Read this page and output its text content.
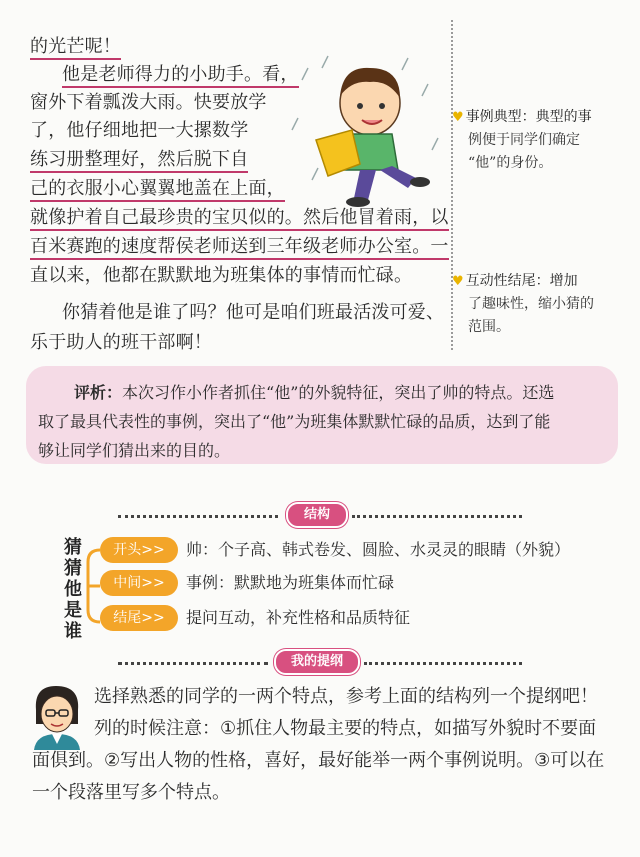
的光芒呢！
他是老师得力的小助手。看，
窗外下着瓢泼大雨。快要放学
了，他仔细地把一大摞数学
练习册整理好，然后脱下自
己的衣服小心翼翼地盖在上面，
就像护着自己最珍贵的宝贝似的。然后他冒着雨，以
百米赛跑的速度帮侯老师送到三年级老师办公室。一
直以来，他都在默默地为班集体的事情而忙碌。
你猜着他是谁了吗？他可是咱们班最活泼可爱、
乐于助人的班干部啊！
♥ 事例典型：典型的事
例便于同学们确定
“他”的身份。
♥ 互动性结尾：增加
了趣味性，缩小猜的
范围。
评析：本次习作小作者抓住“他”的外貌特征，突出了帅的特点。还选
取了最具代表性的事例，突出了“他”为班集体默默忙碌的品质，达到了能
够让同学们猜出来的目的。
结构
猜
猜
他
是
谁
开头>>	帅：个子高、韩式卷发、圆脸、水灵灵的眼睛（外貌）
中间>>	事例：默默地为班集体而忙碌
结尾>>	提问互动，补充性格和品质特征
我的提纲
选择熟悉的同学的一两个特点，参考上面的结构列一个提纲吧！
列的时候注意：①抓住人物最主要的特点，如描写外貌时不要面
面俱到。②写出人物的性格，喜好，最好能举一两个事例说明。③可以在
一个段落里写多个特点。
